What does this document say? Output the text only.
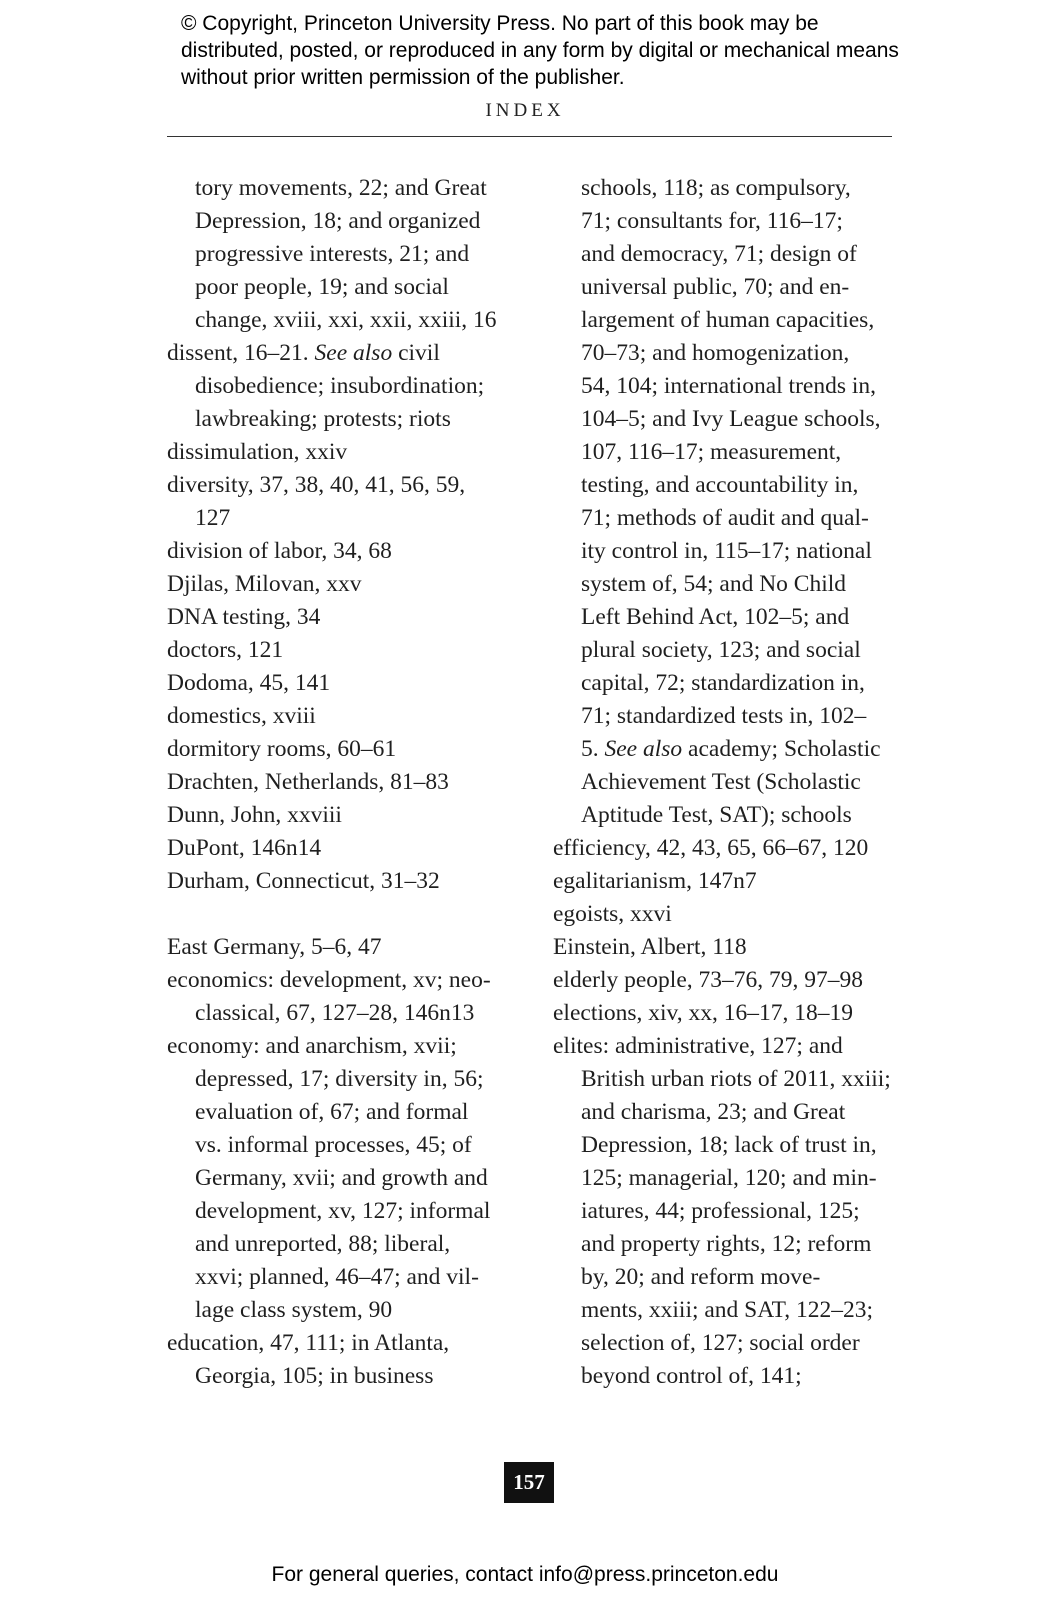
© Copyright, Princeton University Press. No part of this book may be distributed, posted, or reproduced in any form by digital or mechanical means without prior written permission of the publisher.
INDEX
tory movements, 22; and Great
Depression, 18; and organized
progressive interests, 21; and
poor people, 19; and social
change, xviii, xxi, xxii, xxiii, 16
dissent, 16–21. See also civil
disobedience; insubordination;
lawbreaking; protests; riots
dissimulation, xxiv
diversity, 37, 38, 40, 41, 56, 59,
127
division of labor, 34, 68
Djilas, Milovan, xxv
DNA testing, 34
doctors, 121
Dodoma, 45, 141
domestics, xviii
dormitory rooms, 60–61
Drachten, Netherlands, 81–83
Dunn, John, xxviii
DuPont, 146n14
Durham, Connecticut, 31–32
East Germany, 5–6, 47
economics: development, xv; neo-
classical, 67, 127–28, 146n13
economy: and anarchism, xvii;
depressed, 17; diversity in, 56;
evaluation of, 67; and formal
vs. informal processes, 45; of
Germany, xvii; and growth and
development, xv, 127; informal
and unreported, 88; liberal,
xxvi; planned, 46–47; and vil-
lage class system, 90
education, 47, 111; in Atlanta,
Georgia, 105; in business
schools, 118; as compulsory,
71; consultants for, 116–17;
and democracy, 71; design of
universal public, 70; and en-
largement of human capacities,
70–73; and homogenization,
54, 104; international trends in,
104–5; and Ivy League schools,
107, 116–17; measurement,
testing, and accountability in,
71; methods of audit and qual-
ity control in, 115–17; national
system of, 54; and No Child
Left Behind Act, 102–5; and
plural society, 123; and social
capital, 72; standardization in,
71; standardized tests in, 102–
5. See also academy; Scholastic
Achievement Test (Scholastic
Aptitude Test, SAT); schools
efficiency, 42, 43, 65, 66–67, 120
egalitarianism, 147n7
egoists, xxvi
Einstein, Albert, 118
elderly people, 73–76, 79, 97–98
elections, xiv, xx, 16–17, 18–19
elites: administrative, 127; and
British urban riots of 2011, xxiii;
and charisma, 23; and Great
Depression, 18; lack of trust in,
125; managerial, 120; and min-
iatures, 44; professional, 125;
and property rights, 12; reform
by, 20; and reform move-
ments, xxiii; and SAT, 122–23;
selection of, 127; social order
beyond control of, 141;
157
For general queries, contact info@press.princeton.edu
